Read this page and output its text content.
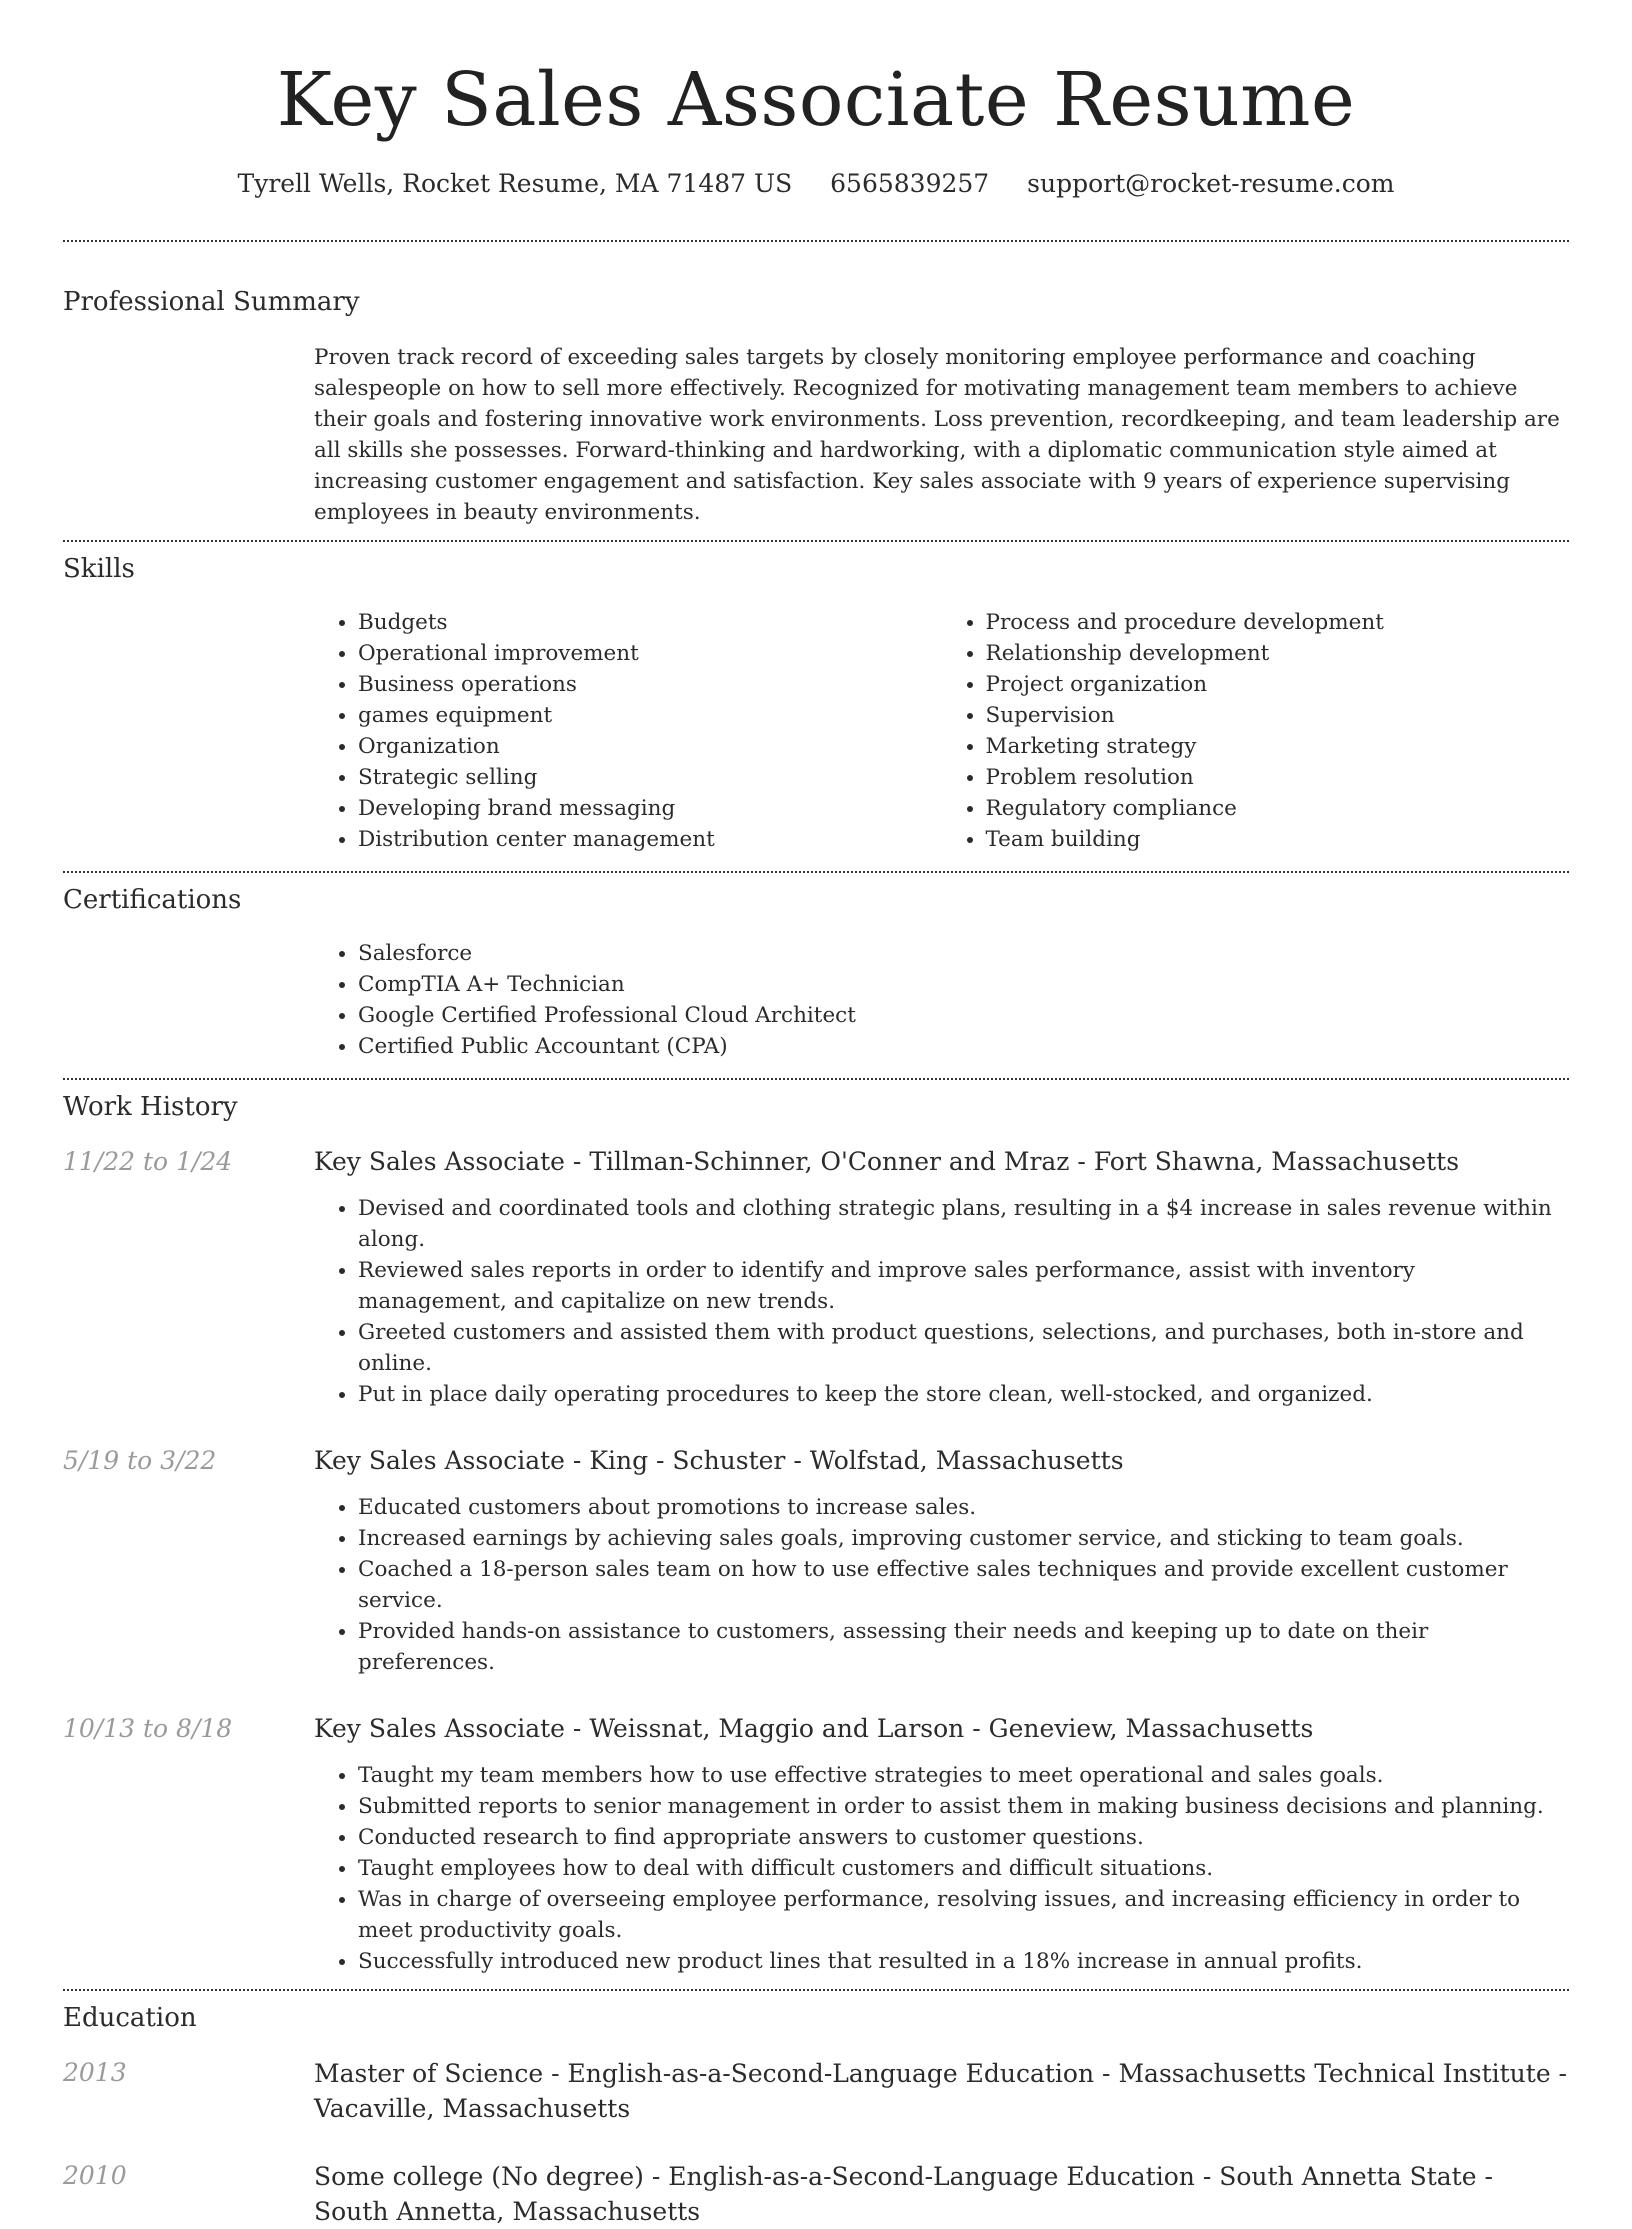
Key Sales Associate Resume
Tyrell Wells, Rocket Resume, MA 71487 US 6565839257 support@rocket-resume.com
Professional Summary

Proven track record of exceeding sales targets by closely monitoring employee performance and coaching salespeople on how to sell more effectively. Recognized for motivating management team members to achieve their goals and fostering innovative work environments. Loss prevention, recordkeeping, and team leadership are all skills she possesses. Forward-thinking and hardworking, with a diplomatic communication style aimed at increasing customer engagement and satisfaction. Key sales associate with 9 years of experience supervising employees in beauty environments.

Skills
• Budgets
• Operational improvement
• Business operations
• games equipment
• Organization
• Strategic selling
• Developing brand messaging
• Distribution center management
• Process and procedure development
• Relationship development
• Project organization
• Supervision
• Marketing strategy
• Problem resolution
• Regulatory compliance
• Team building
Certifications
• Salesforce
• CompTIA A+ Technician
• Google Certified Professional Cloud Architect
• Certified Public Accountant (CPA)
Work History
11/22 to 1/24	Key Sales Associate - Tillman-Schinner, O'Conner and Mraz - Fort Shawna, Massachusetts
• Devised and coordinated tools and clothing strategic plans, resulting in a $4 increase in sales revenue within along.
• Reviewed sales reports in order to identify and improve sales performance, assist with inventory management, and capitalize on new trends.
• Greeted customers and assisted them with product questions, selections, and purchases, both in-store and online.
• Put in place daily operating procedures to keep the store clean, well-stocked, and organized.
5/19 to 3/22	Key Sales Associate - King - Schuster - Wolfstad, Massachusetts
• Educated customers about promotions to increase sales.
• Increased earnings by achieving sales goals, improving customer service, and sticking to team goals.
• Coached a 18-person sales team on how to use effective sales techniques and provide excellent customer service.
• Provided hands-on assistance to customers, assessing their needs and keeping up to date on their preferences.
10/13 to 8/18	Key Sales Associate - Weissnat, Maggio and Larson - Geneview, Massachusetts
• Taught my team members how to use effective strategies to meet operational and sales goals.
• Submitted reports to senior management in order to assist them in making business decisions and planning.
• Conducted research to find appropriate answers to customer questions.
• Taught employees how to deal with difficult customers and difficult situations.
• Was in charge of overseeing employee performance, resolving issues, and increasing efficiency in order to meet productivity goals.
• Successfully introduced new product lines that resulted in a 18% increase in annual profits.
Education
2013	Master of Science - English-as-a-Second-Language Education - Massachusetts Technical Institute - Vacaville, Massachusetts
2010	Some college (No degree) - English-as-a-Second-Language Education - South Annetta State - South Annetta, Massachusetts
